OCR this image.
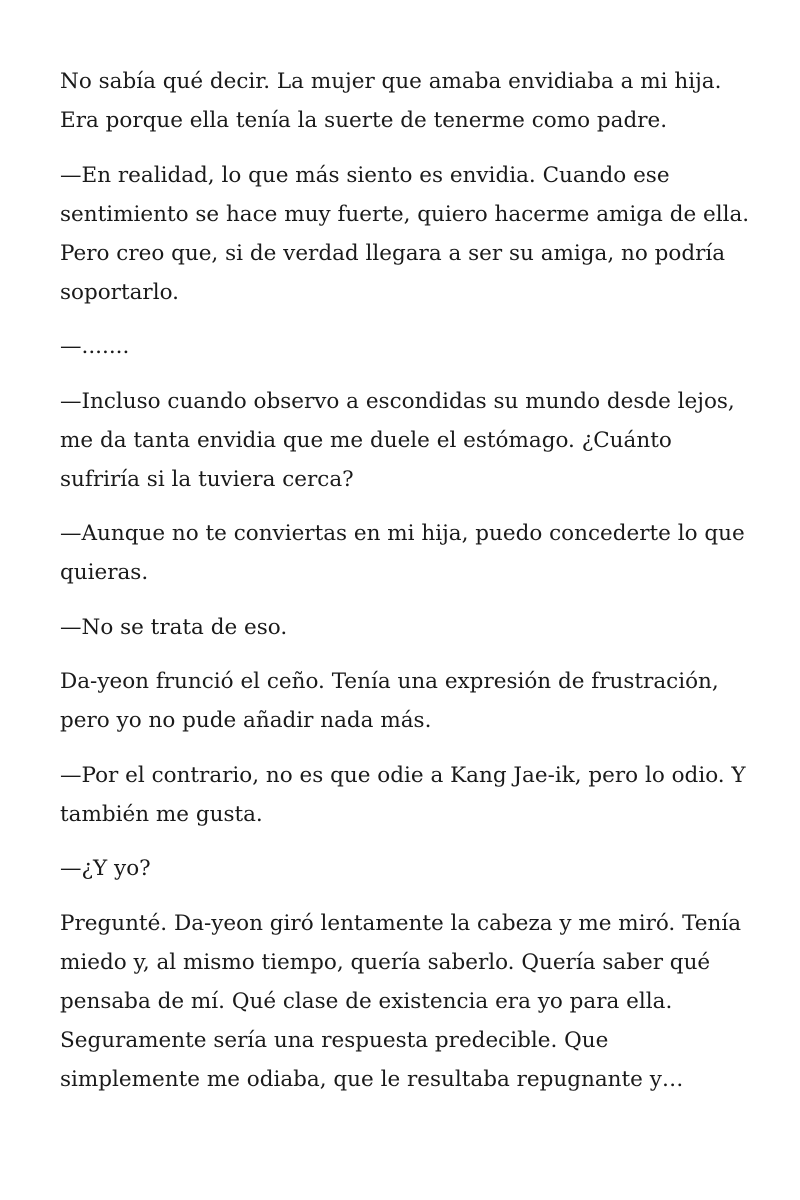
No sabía qué decir. La mujer que amaba envidiaba a mi hija. Era porque ella tenía la suerte de tenerme como padre.

—En realidad, lo que más siento es envidia. Cuando ese sentimiento se hace muy fuerte, quiero hacerme amiga de ella. Pero creo que, si de verdad llegara a ser su amiga, no podría soportarlo.

—.......

—Incluso cuando observo a escondidas su mundo desde lejos, me da tanta envidia que me duele el estómago. ¿Cuánto sufriría si la tuviera cerca?

—Aunque no te conviertas en mi hija, puedo concederte lo que quieras.

—No se trata de eso.

Da-yeon frunció el ceño. Tenía una expresión de frustración, pero yo no pude añadir nada más.

—Por el contrario, no es que odie a Kang Jae-ik, pero lo odio. Y también me gusta.

—¿Y yo?

Pregunté. Da-yeon giró lentamente la cabeza y me miró. Tenía miedo y, al mismo tiempo, quería saberlo. Quería saber qué pensaba de mí. Qué clase de existencia era yo para ella. Seguramente sería una respuesta predecible. Que simplemente me odiaba, que le resultaba repugnante y…
